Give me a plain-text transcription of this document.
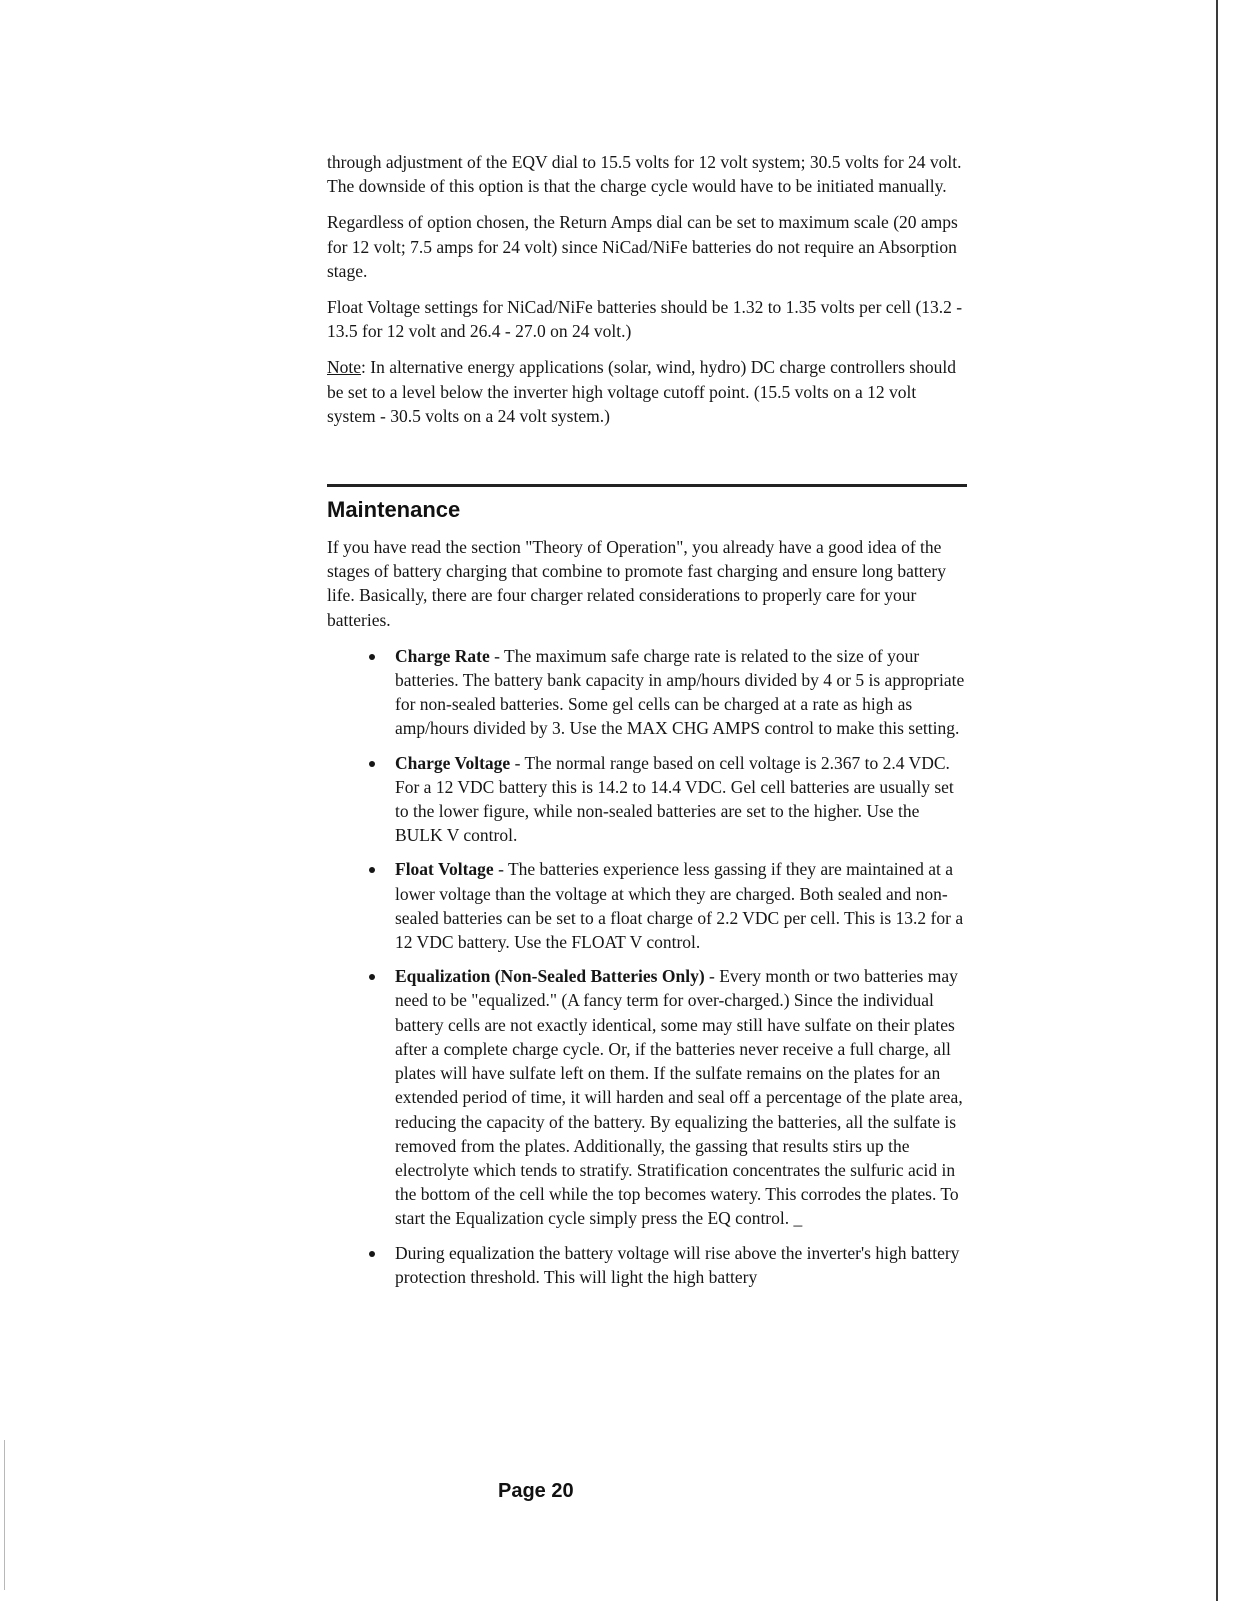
through adjustment of the EQV dial to 15.5 volts for 12 volt system; 30.5 volts for 24 volt. The downside of this option is that the charge cycle would have to be initiated manually.

Regardless of option chosen, the Return Amps dial can be set to maximum scale (20 amps for 12 volt; 7.5 amps for 24 volt) since NiCad/NiFe batteries do not require an Absorption stage.

Float Voltage settings for NiCad/NiFe batteries should be 1.32 to 1.35 volts per cell (13.2 - 13.5 for 12 volt and 26.4 - 27.0 on 24 volt.)

Note: In alternative energy applications (solar, wind, hydro) DC charge controllers should be set to a level below the inverter high voltage cutoff point. (15.5 volts on a 12 volt system - 30.5 volts on a 24 volt system.)

Maintenance

If you have read the section "Theory of Operation", you already have a good idea of the stages of battery charging that combine to promote fast charging and ensure long battery life. Basically, there are four charger related considerations to properly care for your batteries.

Charge Rate - The maximum safe charge rate is related to the size of your batteries. The battery bank capacity in amp/hours divided by 4 or 5 is appropriate for non-sealed batteries. Some gel cells can be charged at a rate as high as amp/hours divided by 3. Use the MAX CHG AMPS control to make this setting.
Charge Voltage - The normal range based on cell voltage is 2.367 to 2.4 VDC. For a 12 VDC battery this is 14.2 to 14.4 VDC. Gel cell batteries are usually set to the lower figure, while non-sealed batteries are set to the higher. Use the BULK V control.
Float Voltage - The batteries experience less gassing if they are maintained at a lower voltage than the voltage at which they are charged. Both sealed and non-sealed batteries can be set to a float charge of 2.2 VDC per cell. This is 13.2 for a 12 VDC battery. Use the FLOAT V control.
Equalization (Non-Sealed Batteries Only) - Every month or two batteries may need to be "equalized." (A fancy term for over-charged.) Since the individual battery cells are not exactly identical, some may still have sulfate on their plates after a complete charge cycle. Or, if the batteries never receive a full charge, all plates will have sulfate left on them. If the sulfate remains on the plates for an extended period of time, it will harden and seal off a percentage of the plate area, reducing the capacity of the battery. By equalizing the batteries, all the sulfate is removed from the plates. Additionally, the gassing that results stirs up the electrolyte which tends to stratify. Stratification concentrates the sulfuric acid in the bottom of the cell while the top becomes watery. This corrodes the plates. To start the Equalization cycle simply press the EQ control. _
During equalization the battery voltage will rise above the inverter's high battery protection threshold. This will light the high battery
Page 20
